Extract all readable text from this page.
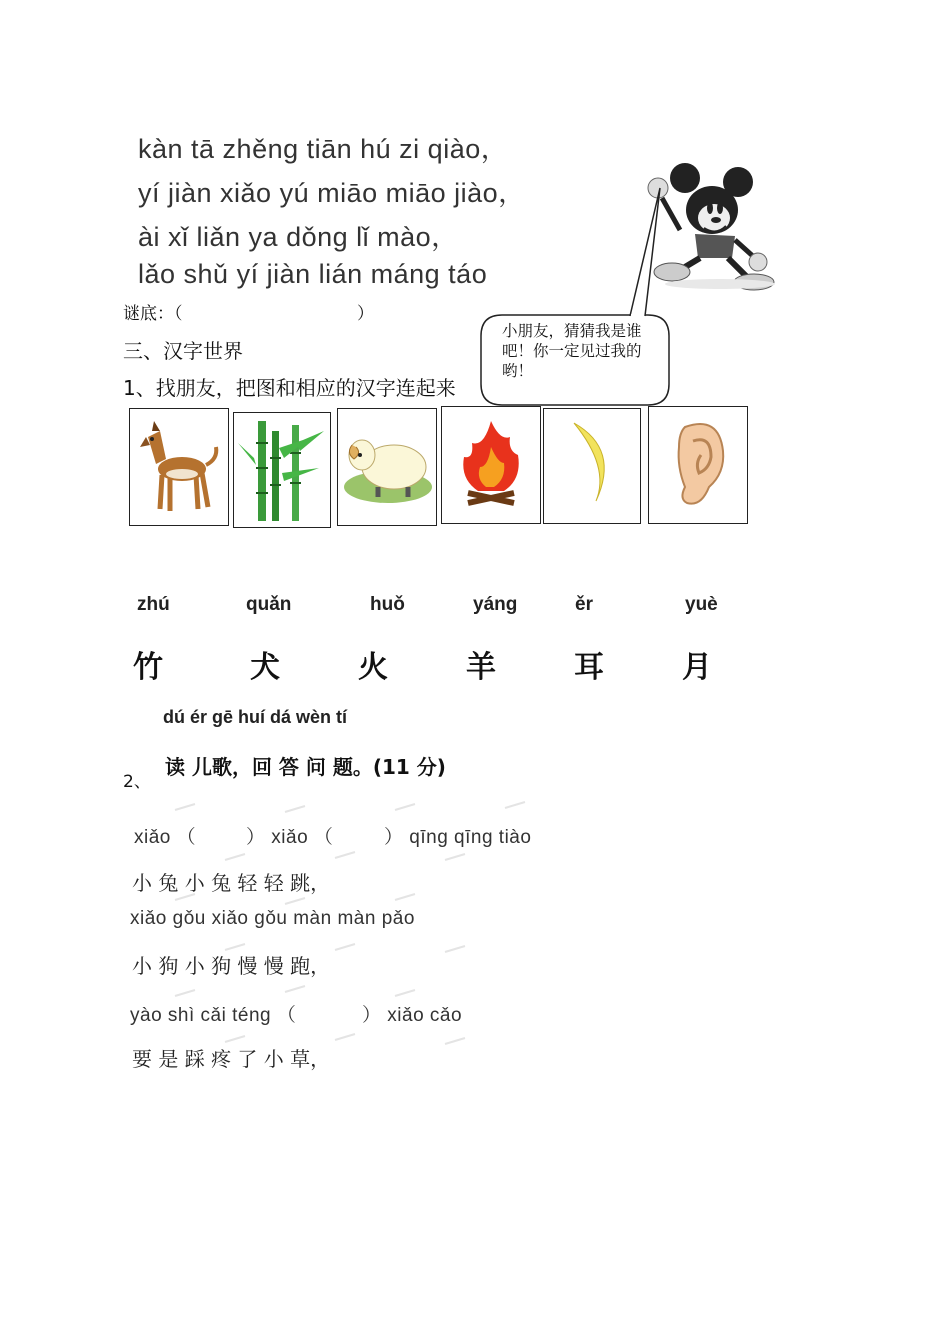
kàn tā zhěng tiān hú zi qiào，
yí jiàn xiǎo yú miāo miāo jiào，
ài xǐ liǎn ya dǒng lǐ mào，
lǎo shǔ yí jiàn lián máng táo
小朋友，猜猜我是谁吧！你一定见过我的哟！
谜底：（	）
三、汉字世界
1、找朋友，把图和相应的汉字连起来
zhú	quǎn	huǒ	yáng	ěr	yuè
竹	犬	火	羊	耳	月
dú ér gē huí dá wèn tí
2、
读 儿歌，回 答 问 题。(11 分)
xiǎo （	） xiǎo （	） qīng qīng tiào
小 兔 小 兔 轻 轻 跳，
xiǎo gǒu xiǎo gǒu màn màn pǎo
小 狗 小 狗 慢 慢 跑，
yào shì cǎi téng （	） xiǎo cǎo
要 是 踩 疼 了 小 草，
